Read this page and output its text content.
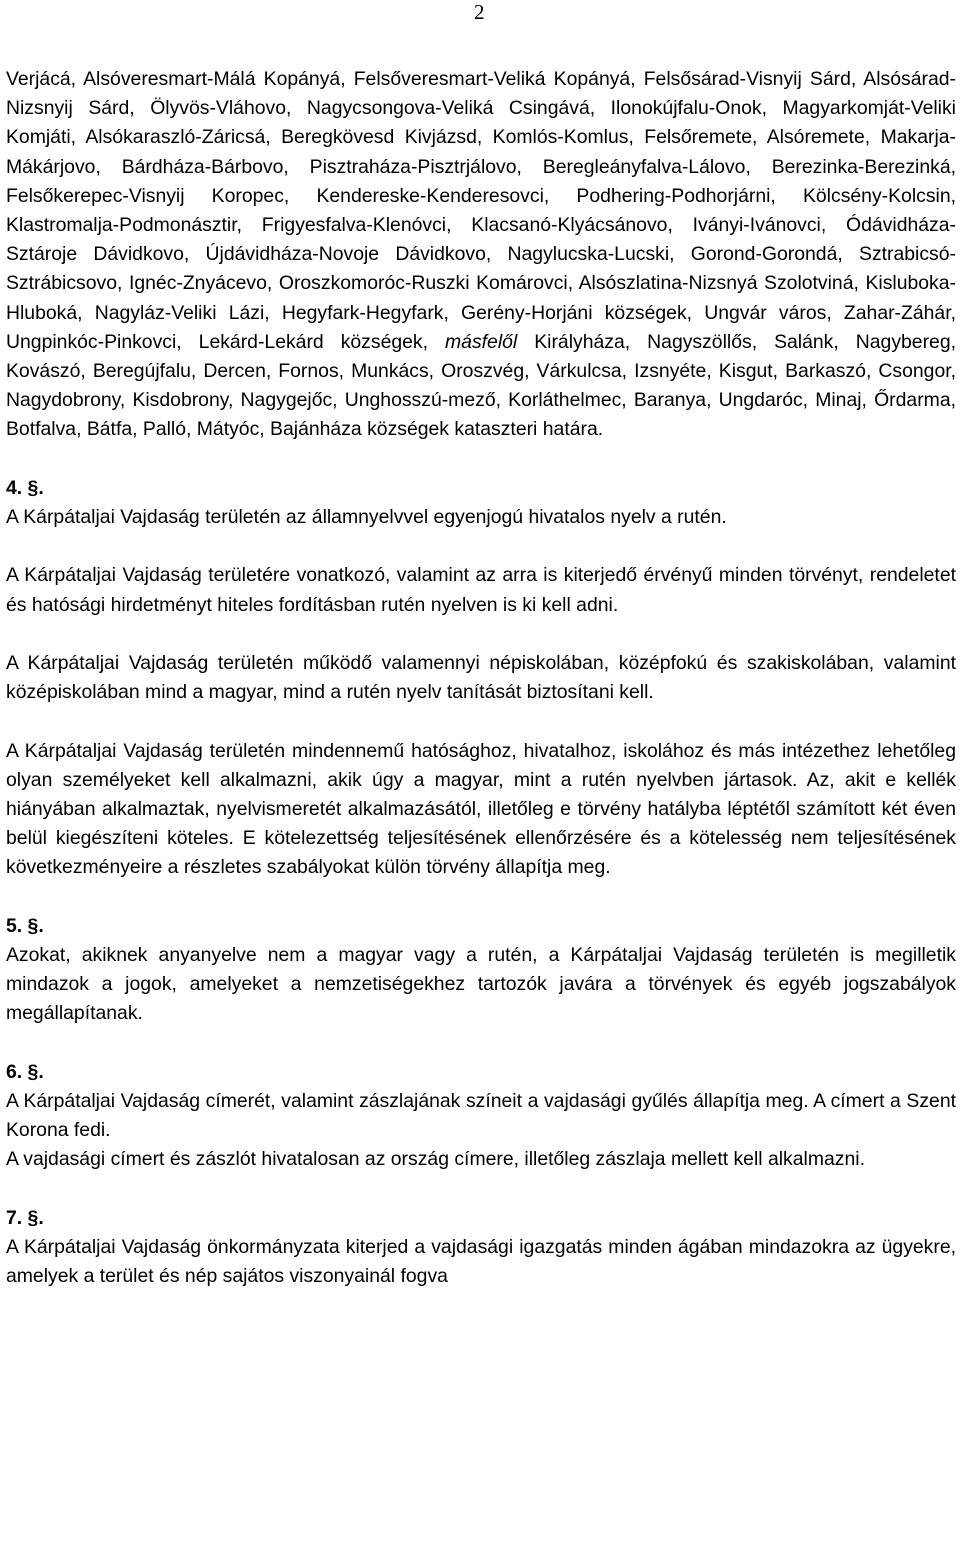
2

Verjácá, Alsóveresmart-Málá Kopányá, Felsőveresmart-Veliká Kopányá, Felsősárad-Visnyij Sárd, Alsósárad-Nizsnyij Sárd, Ölyvös-Vláhovo, Nagycsongova-Veliká Csingává, Ilonokújfalu-Onok, Magyarkomját-Veliki Komjáti, Alsókaraszló-Záricsá, Beregkövesd Kivjázsd, Komlós-Komlus, Felsőremete, Alsóremete, Makarja-Mákárjovo, Bárdháza-Bárbovo, Pisztraháza-Pisztrjálovo, Beregleányfalva-Lálovo, Berezinka-Berezinká, Felsőkerepec-Visnyij Koropec, Kendereske-Kenderesovci, Podhering-Podhorjárni, Kölcsény-Kolcsin, Klastromalja-Podmonásztir, Frigyesfalva-Klenóvci, Klacsanó-Klyácsánovo, Iványi-Ivánovci, Ódávidháza-Sztároje Dávidkovo, Újdávidháza-Novoje Dávidkovo, Nagylucska-Lucski, Gorond-Gorondá, Sztrabicsó-Sztrábicsovo, Ignéc-Znyácevo, Oroszkomoróc-Ruszki Komárovci, Alsószlatina-Nizsnyá Szolotviná, Kisluboka-Hluboká, Nagyláz-Veliki Lázi, Hegyfark-Hegyfark, Gerény-Horjáni községek, Ungvár város, Zahar-Záhár, Ungpinkóc-Pinkovci, Lekárd-Lekárd községek, másfelől Királyháza, Nagyszöllős, Salánk, Nagybereg, Kovászó, Beregújfalu, Dercen, Fornos, Munkács, Oroszvég, Várkulcsa, Izsnyéte, Kisgut, Barkaszó, Csongor, Nagydobrony, Kisdobrony, Nagygejőc, Unghosszú-mező, Korláthelmec, Baranya, Ungdaróc, Minaj, Őrdarma, Botfalva, Bátfa, Palló, Mátyóc, Bajánháza községek kataszteri határa.

4. §.

A Kárpátaljai Vajdaság területén az államnyelvvel egyenjogú hivatalos nyelv a rutén.

A Kárpátaljai Vajdaság területére vonatkozó, valamint az arra is kiterjedő érvényű minden törvényt, rendeletet és hatósági hirdetményt hiteles fordításban rutén nyelven is ki kell adni.

A Kárpátaljai Vajdaság területén működő valamennyi népiskolában, középfokú és szakiskolában, valamint középiskolában mind a magyar, mind a rutén nyelv tanítását biztosítani kell.

A Kárpátaljai Vajdaság területén mindennemű hatósághoz, hivatalhoz, iskolához és más intézethez lehetőleg olyan személyeket kell alkalmazni, akik úgy a magyar, mint a rutén nyelvben jártasok. Az, akit e kellék hiányában alkalmaztak, nyelvismeretét alkalmazásától, illetőleg e törvény hatályba léptétől számított két éven belül kiegészíteni köteles. E kötelezettség teljesítésének ellenőrzésére és a kötelesség nem teljesítésének következményeire a részletes szabályokat külön törvény állapítja meg.

5. §.

Azokat, akiknek anyanyelve nem a magyar vagy a rutén, a Kárpátaljai Vajdaság területén is megilletik mindazok a jogok, amelyeket a nemzetiségekhez tartozók javára a törvények és egyéb jogszabályok megállapítanak.

6. §.

A Kárpátaljai Vajdaság címerét, valamint zászlajának színeit a vajdasági gyűlés állapítja meg. A címert a Szent Korona fedi.

A vajdasági címert és zászlót hivatalosan az ország címere, illetőleg zászlaja mellett kell alkalmazni.

7. §.

A Kárpátaljai Vajdaság önkormányzata kiterjed a vajdasági igazgatás minden ágában mindazokra az ügyekre, amelyek a terület és nép sajátos viszonyainál fogva
